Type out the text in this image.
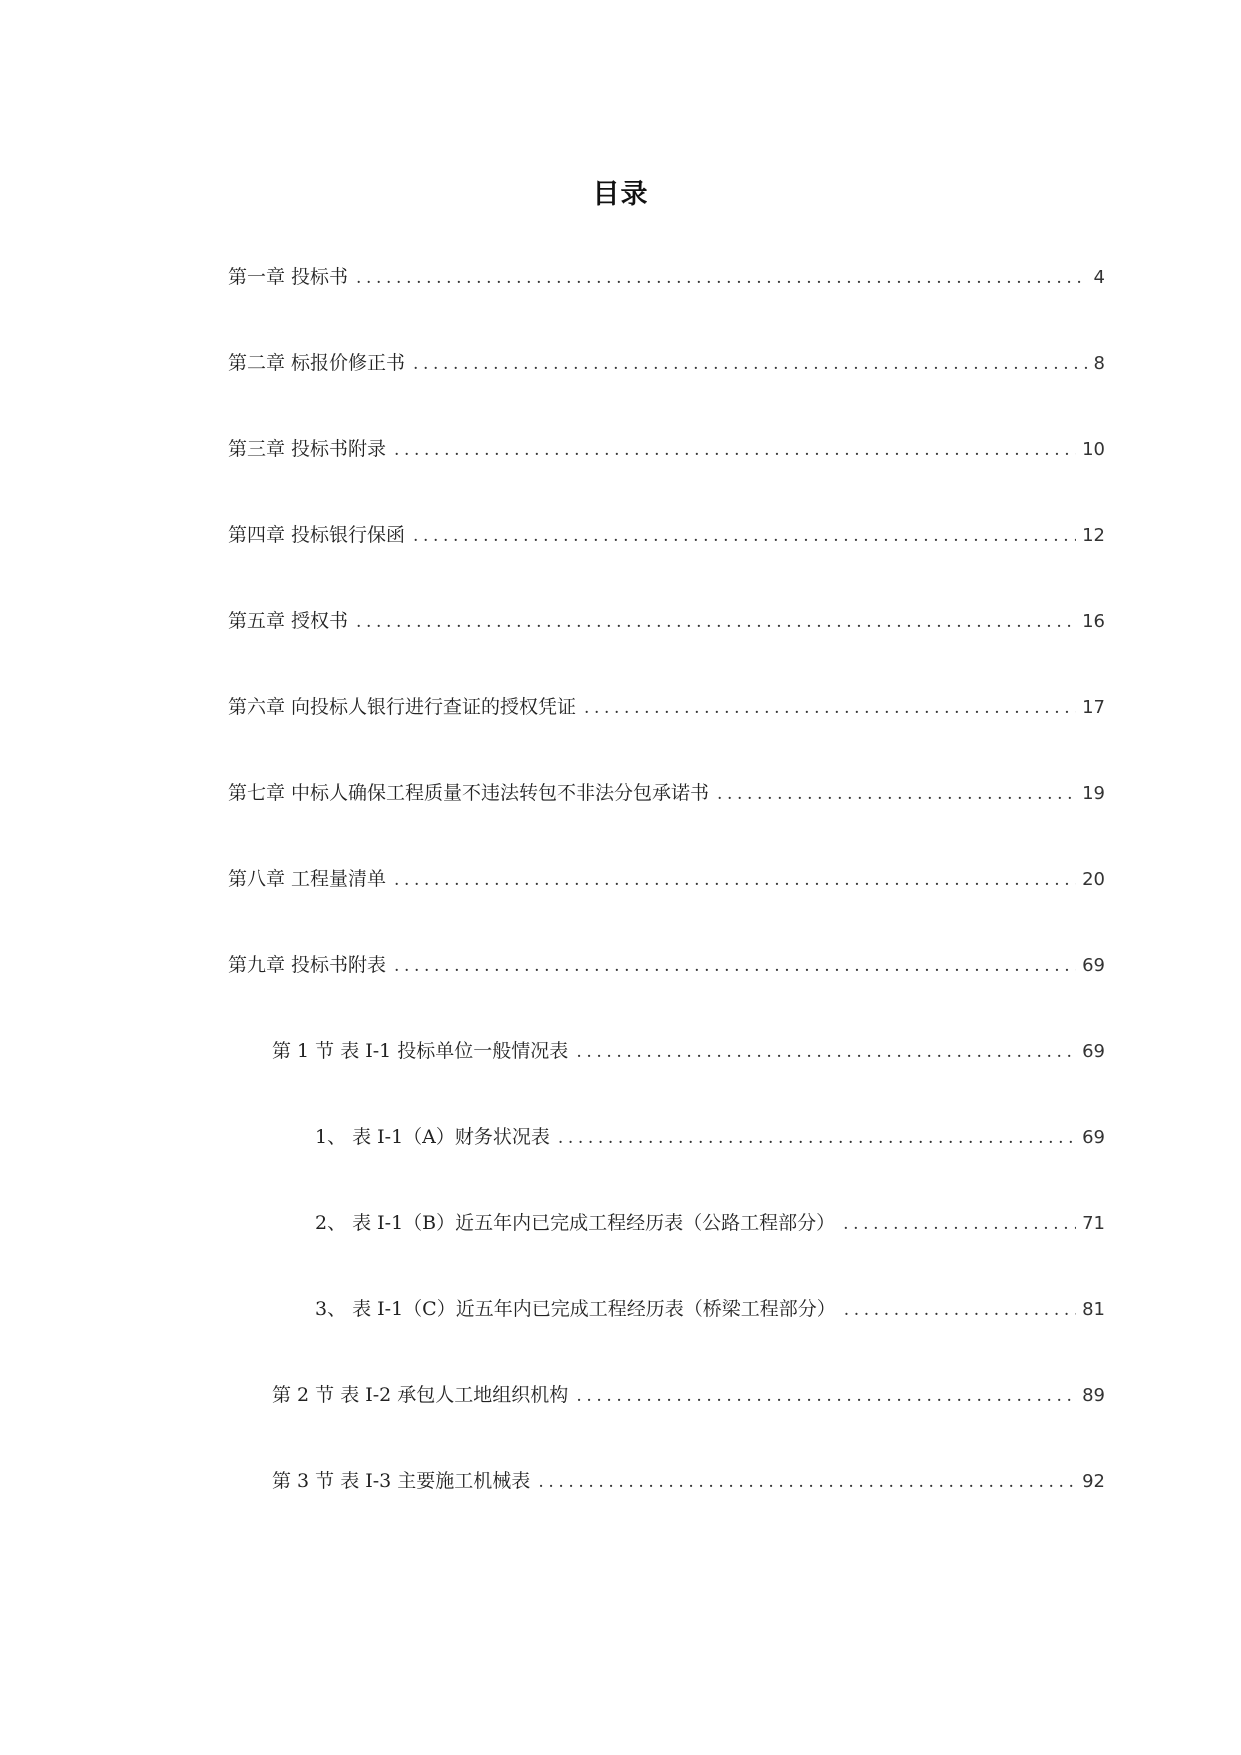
目录
第一章 投标书 .....	4
第二章 标报价修正书 .....	8
第三章 投标书附录 .....	10
第四章 投标银行保函 .....	12
第五章 授权书 .....	16
第六章 向投标人银行进行查证的授权凭证 .....	17
第七章 中标人确保工程质量不违法转包不非法分包承诺书 .....	19
第八章 工程量清单 .....	20
第九章 投标书附表 .....	69
第 1 节 表 I-1 投标单位一般情况表 .....	69
1、 表 I-1（A）财务状况表 .....	69
2、 表 I-1（B）近五年内已完成工程经历表（公路工程部分） .....	71
3、 表 I-1（C）近五年内已完成工程经历表（桥梁工程部分） .....	81
第 2 节 表 I-2 承包人工地组织机构 .....	89
第 3 节 表 I-3 主要施工机械表 .....	92
